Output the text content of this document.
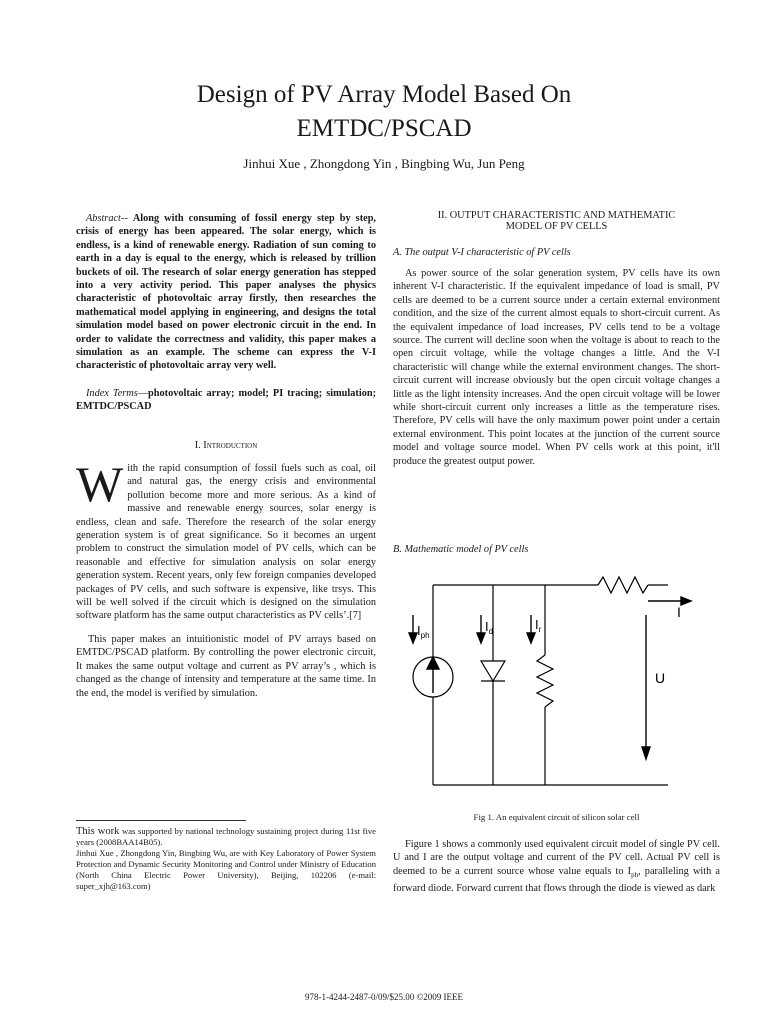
Design of PV Array Model Based On
EMTDC/PSCAD
Jinhui Xue , Zhongdong Yin , Bingbing Wu, Jun Peng
Abstract-- Along with consuming of fossil energy step by step, crisis of energy has been appeared. The solar energy, which is endless, is a kind of renewable energy. Radiation of sun coming to earth in a day is equal to the energy, which is released by trillion buckets of oil. The research of solar energy generation has stepped into a very activity period. This paper analyses the physics characteristic of photovoltaic array firstly, then researches the mathematical model applying in engineering, and designs the total simulation model based on power electronic circuit in the end. In order to validate the correctness and validity, this paper makes a simulation as an example. The scheme can express the V-I characteristic of photovoltaic array very well.
Index Terms—photovoltaic array; model; PI tracing; simulation; EMTDC/PSCAD
I. Introduction
With the rapid consumption of fossil fuels such as coal, oil and natural gas, the energy crisis and environmental pollution become more and more serious. As a kind of massive and renewable energy sources, solar energy is endless, clean and safe. Therefore the research of the solar energy generation system is of great significance. So it becomes an urgent problem to construct the simulation model of PV cells, which can be reasonable and effective for simulation analysis on solar energy generation system. Recent years, only few foreign companies developed packages of PV cells, and such software is expensive, like trsys. This will be well solved if the circuit which is designed on the simulation software platform has the same output characteristics as PV cells’.[7]
This paper makes an intuitionistic model of PV arrays based on EMTDC/PSCAD platform. By controlling the power electronic circuit, It makes the same output voltage and current as PV array’s , which is changed as the change of intensity and temperature at the same time. In the end, the model is verified by simulation.
This work was supported by national technology sustaining project during 11st five years (2008BAA14B05).
Jinhui Xue , Zhongdong Yin, Bingbing Wu, are with Key Laboratory of Power System Protection and Dynamic Security Monitoring and Control under Ministry of Education (North China Electric Power University), Beijing, 102206 (e-mail: super_xjh@163.com)
II. OUTPUT CHARACTERISTIC AND MATHEMATIC
MODEL OF PV CELLS
A. The output V-I characteristic of PV cells
As power source of the solar generation system, PV cells have its own inherent V-I characteristic. If the equivalent impedance of load is small, PV cells are deemed to be a current source under a certain external environment condition, and the size of the current almost equals to short-circuit current. As the equivalent impedance of load increases, PV cells tend to be a voltage source. The current will decline soon when the voltage is about to reach to the open circuit voltage, while the voltage changes a little. And the V-I characteristic will change while the external environment changes. The short-circuit current will increase obviously but the open circuit voltage changes a little as the light intensity increases. And the open circuit voltage will be lower while short-circuit current only increases a little as the temperature rises. Therefore, PV cells will have the only maximum power point under a certain external environment. This point locates at the junction of the current source model and voltage source model. When PV cells work at this point, it'll produce the greatest output power.
B. Mathematic model of PV cells
$I_{ph}$
$I_d$	$I_r$
I
U
Fig 1. An equivalent circuit of silicon solar cell
Figure 1 shows a commonly used equivalent circuit model of single PV cell. U and I are the output voltage and current of the PV cell. Actual PV cell is deemed to be a current source whose value equals to $I_{ph}$, paralleling with a forward diode. Forward current that flows through the diode is viewed as dark
978-1-4244-2487-0/09/$25.00 ©2009 IEEE
